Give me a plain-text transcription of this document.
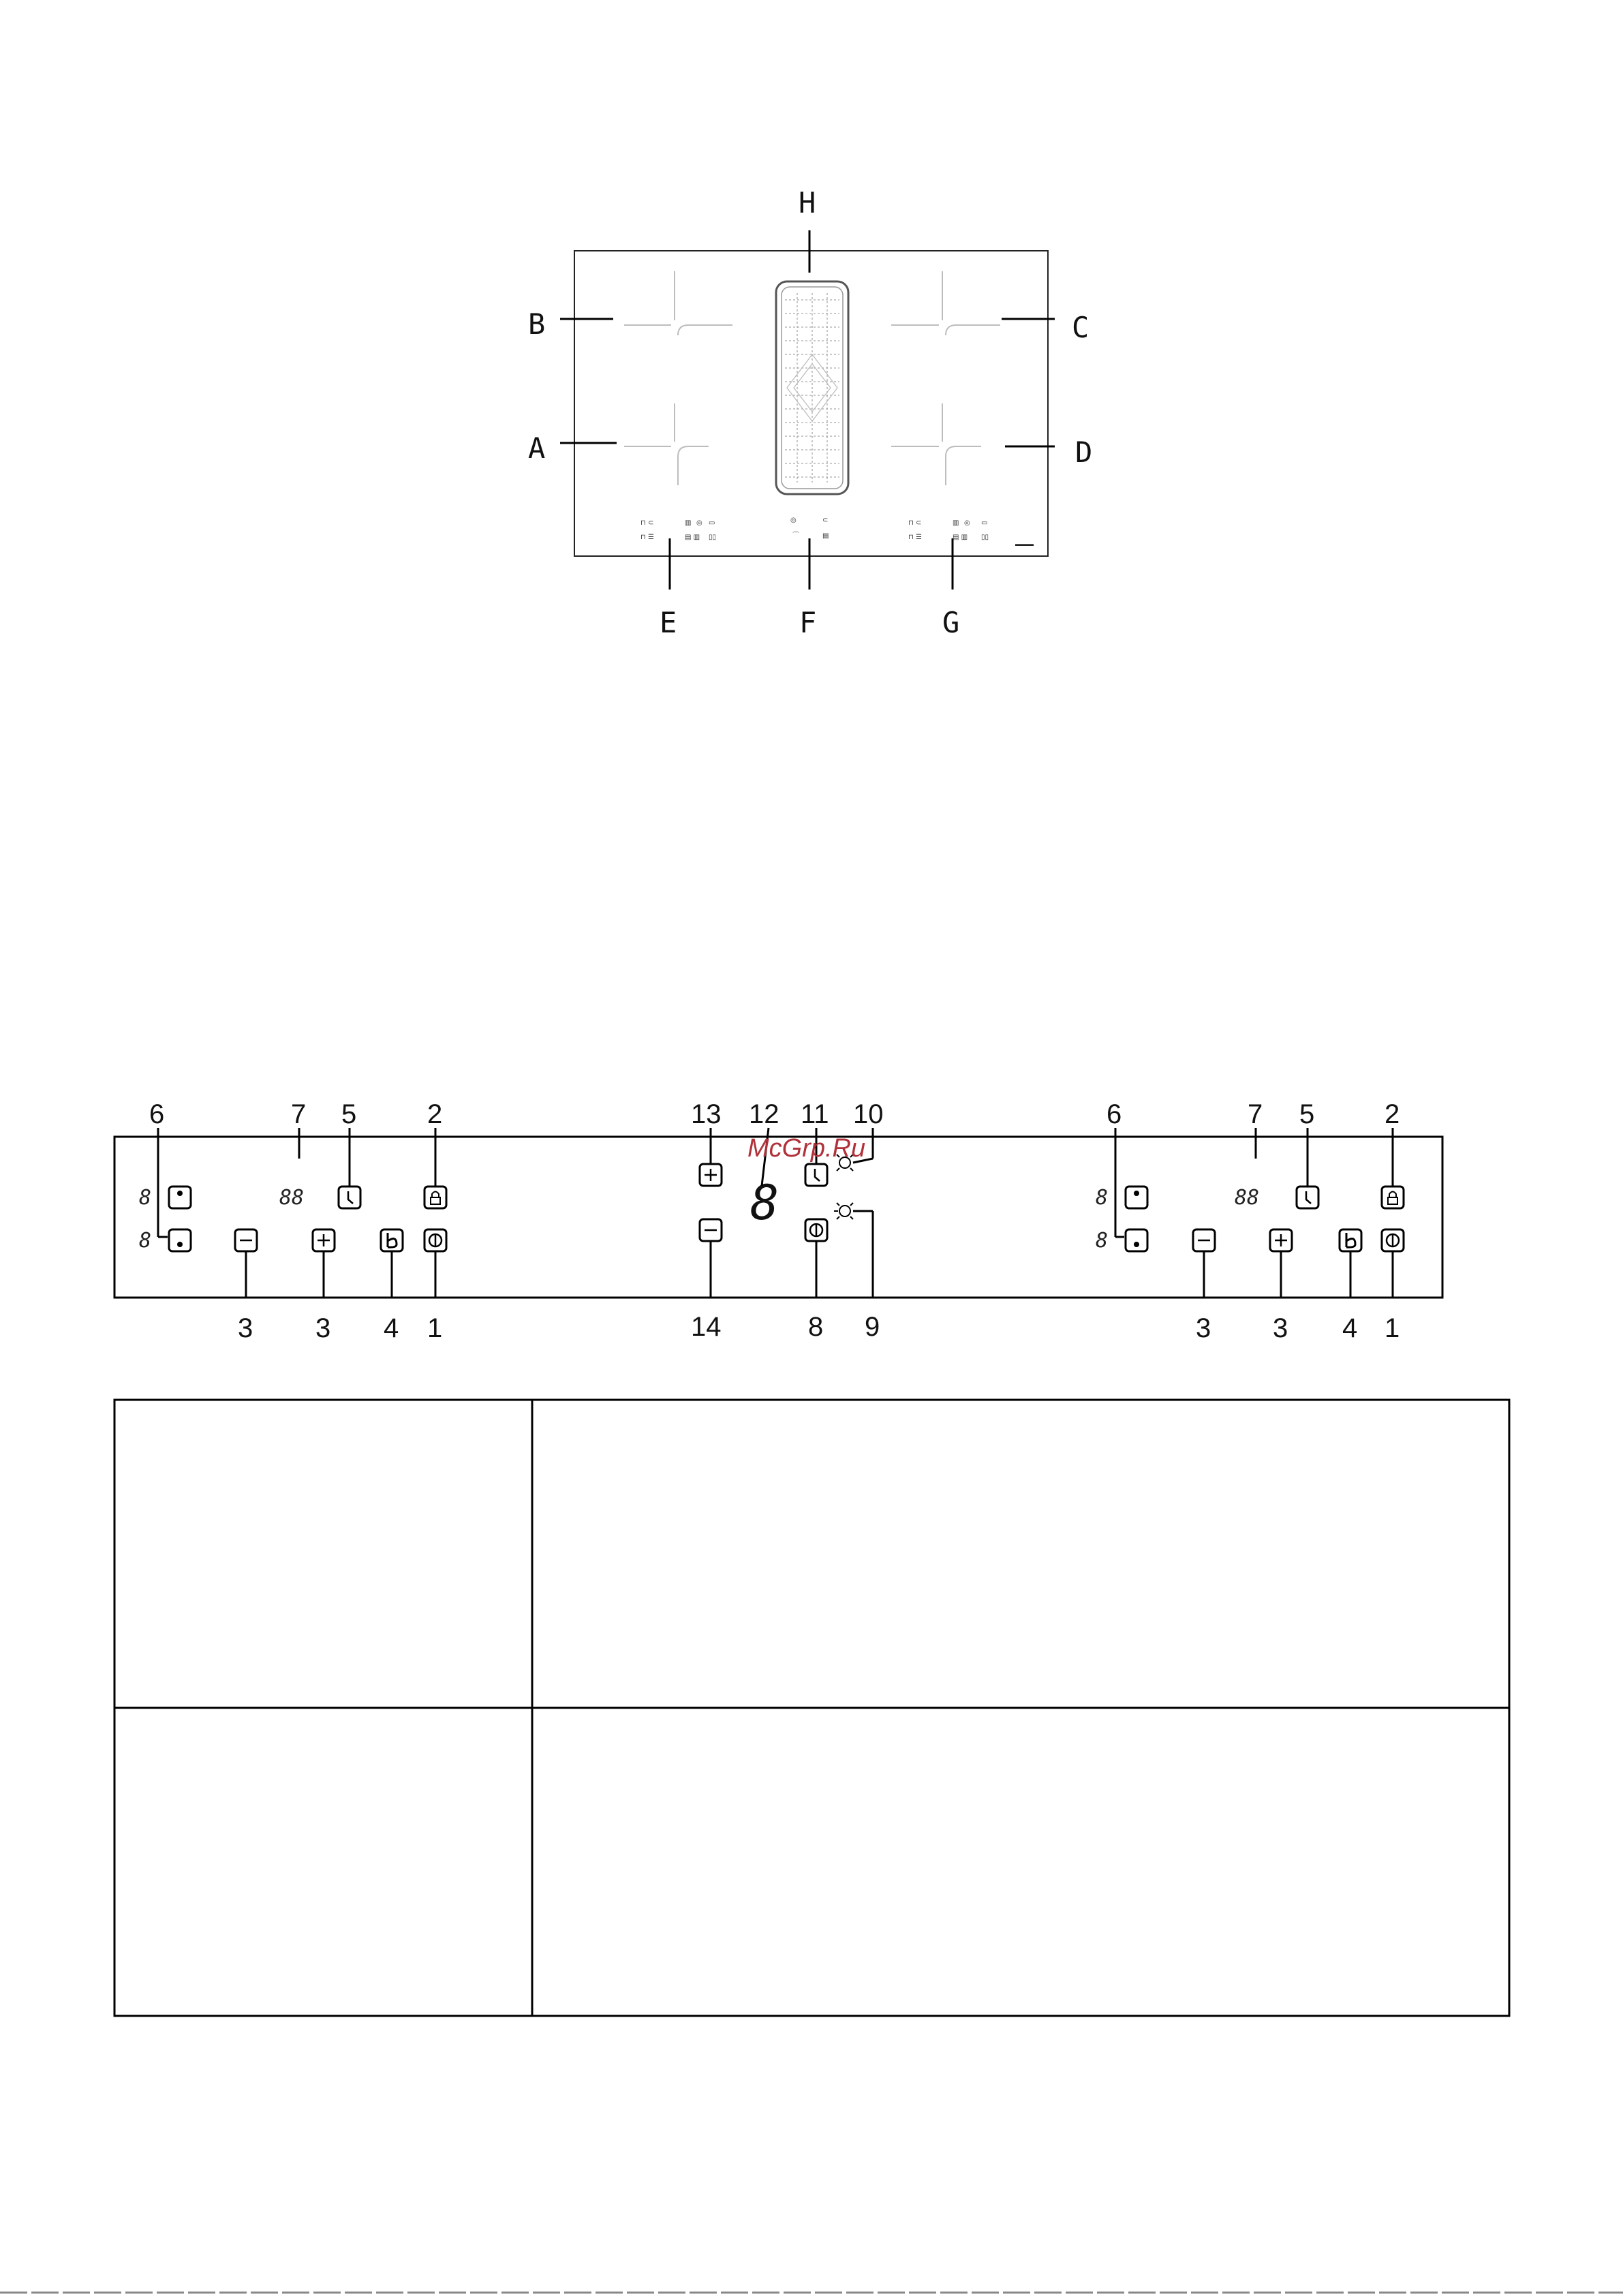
⊓ ⊂
⊓ ☰
▥
▤ ▥
◎ ▭
▯▯
◎	⊂
⌒	▤
⊓ ⊂
⊓ ☰
▥
▤ ▥
◎ ▭
▯▯
▬▬▬
B
A
C
D
H
E	F	G
8
8
88
6	7 5	2
3 3 4 1
8
13 12 11 10
14	8 9
McGrp.Ru
8
8
88
6	7 5	2
3 3 4 1
